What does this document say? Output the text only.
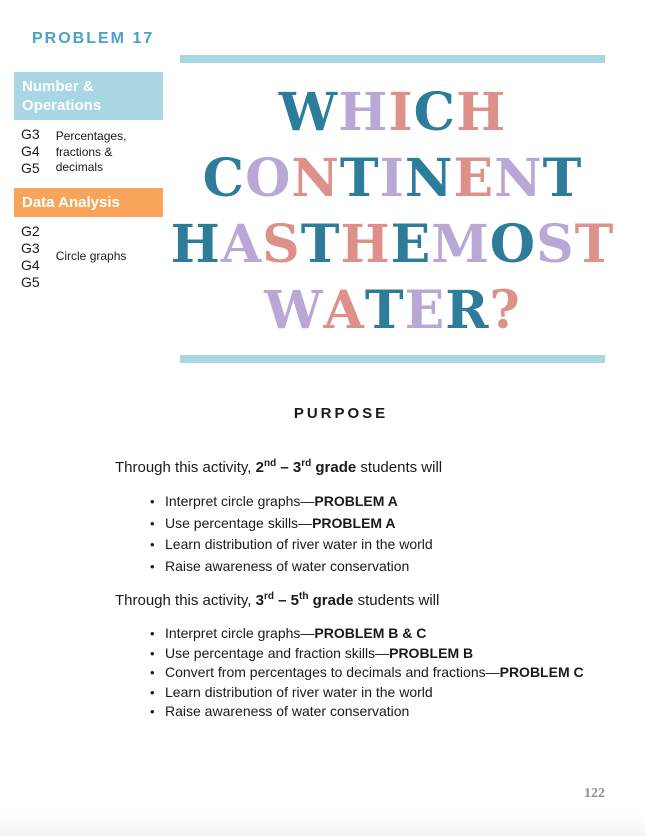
PROBLEM 17
Number & Operations
G3
G4
G5
Percentages, fractions & decimals
Data Analysis
G2
G3
G4
G5
Circle graphs
W H I C H
C O N T I N E N T
H A S T H E M O S T
W A T E R ?
PURPOSE

Through this activity, 2nd – 3rd grade students will

• Interpret circle graphs—PROBLEM A
• Use percentage skills—PROBLEM A
• Learn distribution of river water in the world
• Raise awareness of water conservation

Through this activity, 3rd – 5th grade students will

• Interpret circle graphs—PROBLEM B & C
• Use percentage and fraction skills—PROBLEM B
• Convert from percentages to decimals and fractions—PROBLEM C
• Learn distribution of river water in the world
• Raise awareness of water conservation
122
